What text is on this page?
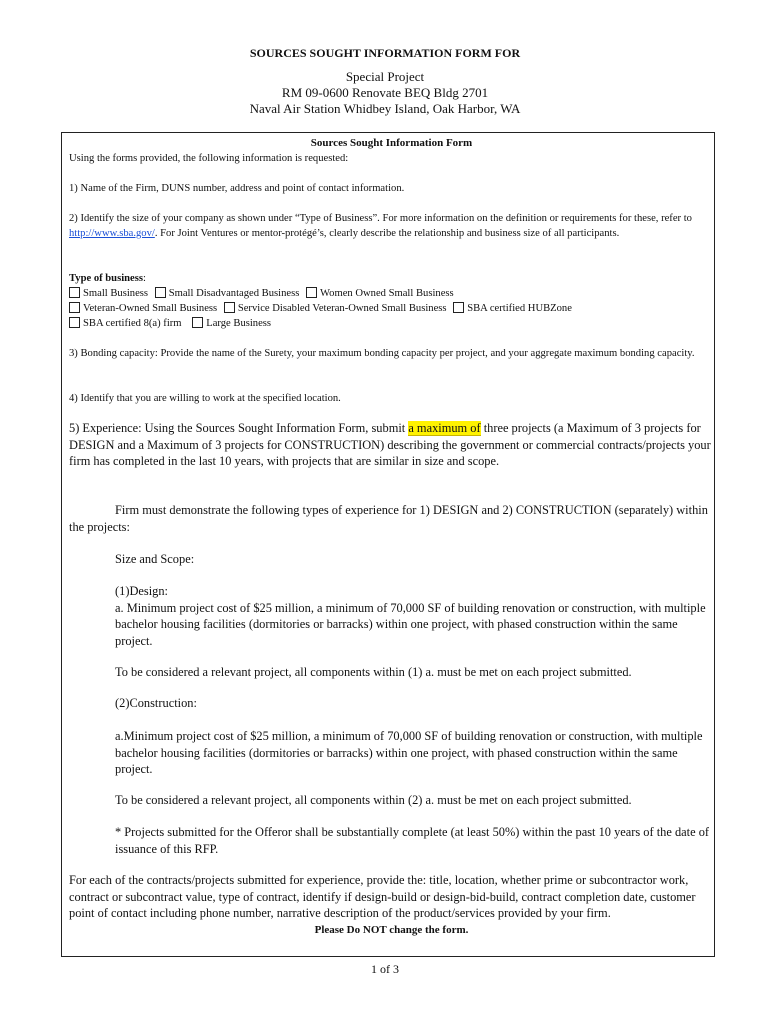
SOURCES SOUGHT INFORMATION FORM FOR
Special Project
RM 09-0600 Renovate BEQ Bldg 2701
Naval Air Station Whidbey Island, Oak Harbor, WA

Sources Sought Information Form

Using the forms provided, the following information is requested:

1) Name of the Firm, DUNS number, address and point of contact information.

2) Identify the size of your company as shown under “Type of Business”. For more information on the definition or requirements for these, refer to http://www.sba.gov/. For Joint Ventures or mentor-protégé’s, clearly describe the relationship and business size of all participants.

Type of business:

Small Business Small Disadvantaged Business Women Owned Small Business
Veteran-Owned Small Business Service Disabled Veteran-Owned Small Business SBA certified HUBZone
SBA certified 8(a) firm Large Business

3) Bonding capacity: Provide the name of the Surety, your maximum bonding capacity per project, and your aggregate maximum bonding capacity.

4) Identify that you are willing to work at the specified location.

5) Experience: Using the Sources Sought Information Form, submit a maximum of three projects (a Maximum of 3 projects for DESIGN and a Maximum of 3 projects for CONSTRUCTION) describing the government or commercial contracts/projects your firm has completed in the last 10 years, with projects that are similar in size and scope.

Firm must demonstrate the following types of experience for 1) DESIGN and 2) CONSTRUCTION (separately) within the projects:

Size and Scope:

(1)Design:

a. Minimum project cost of $25 million, a minimum of 70,000 SF of building renovation or construction, with multiple bachelor housing facilities (dormitories or barracks) within one project, with phased construction within the same project.

To be considered a relevant project, all components within (1) a. must be met on each project submitted.

(2)Construction:

a.Minimum project cost of $25 million, a minimum of 70,000 SF of building renovation or construction, with multiple bachelor housing facilities (dormitories or barracks) within one project, with phased construction within the same project.

To be considered a relevant project, all components within (2) a. must be met on each project submitted.

* Projects submitted for the Offeror shall be substantially complete (at least 50%) within the past 10 years of the date of issuance of this RFP.

For each of the contracts/projects submitted for experience, provide the: title, location, whether prime or subcontractor work, contract or subcontract value, type of contract, identify if design-build or design-bid-build, contract completion date, customer point of contact including phone number, narrative description of the product/services provided by your firm.

Please Do NOT change the form.

1 of 3
